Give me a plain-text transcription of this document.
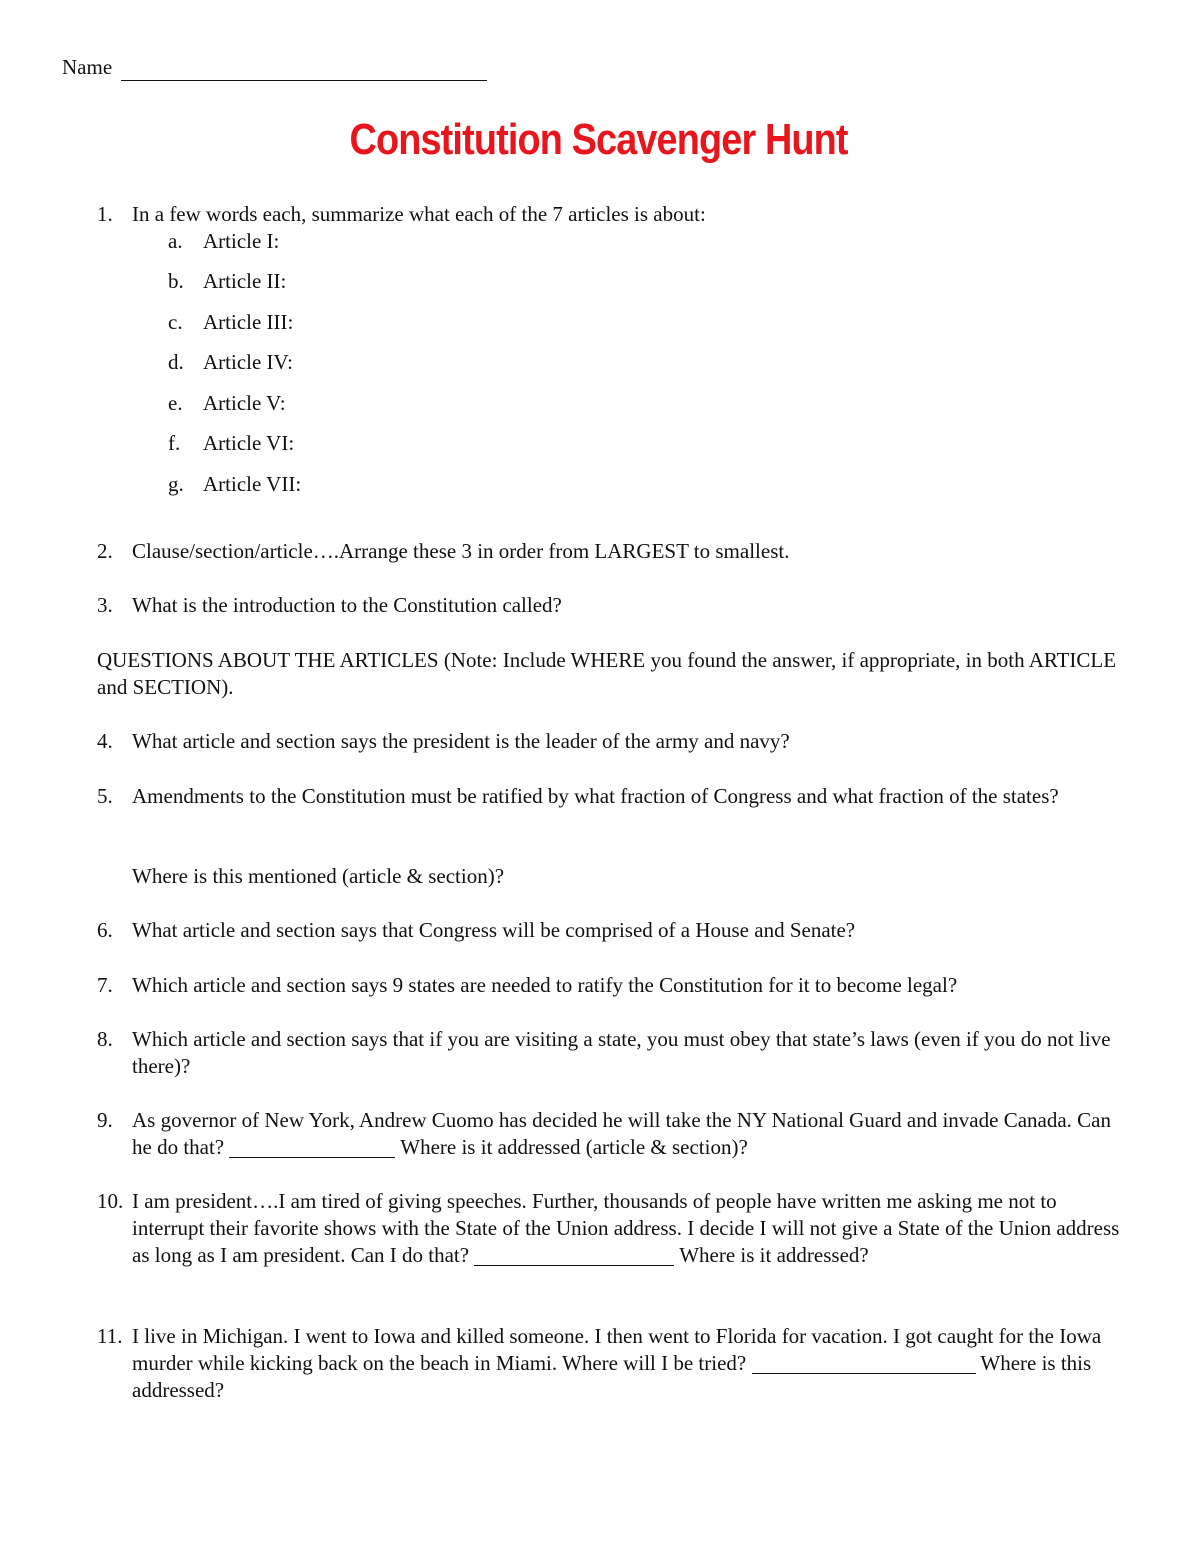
Name
Constitution Scavenger Hunt
1. In a few words each, summarize what each of the 7 articles is about:
a. Article I:
b. Article II:
c. Article III:
d. Article IV:
e. Article V:
f. Article VI:
g. Article VII:
2. Clause/section/article….Arrange these 3 in order from LARGEST to smallest.
3. What is the introduction to the Constitution called?
QUESTIONS ABOUT THE ARTICLES (Note: Include WHERE you found the answer, if appropriate, in both ARTICLE and SECTION).
4. What article and section says the president is the leader of the army and navy?
5. Amendments to the Constitution must be ratified by what fraction of Congress and what fraction of the states?
Where is this mentioned (article & section)?
6. What article and section says that Congress will be comprised of a House and Senate?
7. Which article and section says 9 states are needed to ratify the Constitution for it to become legal?
8. Which article and section says that if you are visiting a state, you must obey that state’s laws (even if you do not live there)?
9. As governor of New York, Andrew Cuomo has decided he will take the NY National Guard and invade Canada. Can he do that?	Where is it addressed (article & section)?
10. I am president….I am tired of giving speeches. Further, thousands of people have written me asking me not to interrupt their favorite shows with the State of the Union address. I decide I will not give a State of the Union address as long as I am president. Can I do that?	Where is it addressed?
11. I live in Michigan. I went to Iowa and killed someone. I then went to Florida for vacation. I got caught for the Iowa murder while kicking back on the beach in Miami. Where will I be tried?	Where is this addressed?
